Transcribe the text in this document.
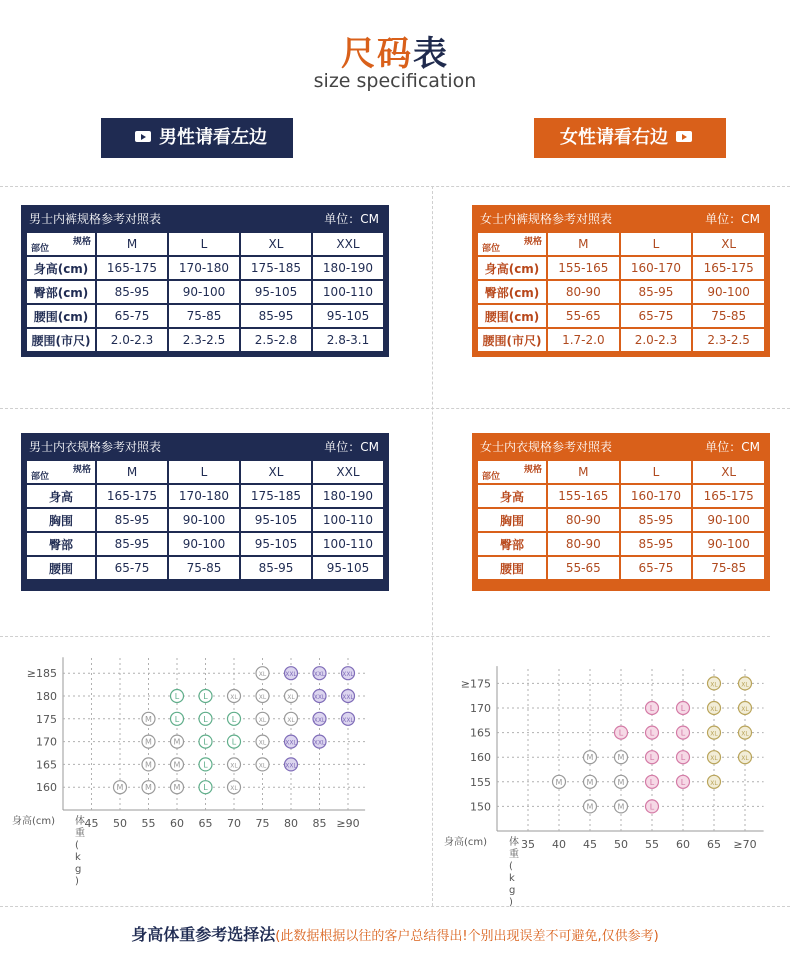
尺码表
size specification
男性请看左边	女性请看右边
男士内裤规格参考对照表	单位：CM
规格
部位	M	L	XL	XXL
身高(cm)	165-175	170-180	175-185	180-190
臀部(cm)	85-95	90-100	95-105	100-110
腰围(cm)	65-75	75-85	85-95	95-105
腰围(市尺)	2.0-2.3	2.3-2.5	2.5-2.8	2.8-3.1
女士内裤规格参考对照表	单位：CM
规格
部位	M	L	XL
身高(cm)	155-165	160-170	165-175
臀部(cm)	80-90	85-95	90-100
腰围(cm)	55-65	65-75	75-85
腰围(市尺)	1.7-2.0	2.0-2.3	2.3-2.5
男士内衣规格参考对照表	单位：CM
规格
部位	M	L	XL	XXL
身高	165-175	170-180	175-185	180-190
胸围	85-95	90-100	95-105	100-110
臀部	85-95	90-100	95-105	100-110
腰围	65-75	75-85	85-95	95-105
女士内衣规格参考对照表	单位：CM
规格
部位	M	L	XL
身高	155-165	160-170	165-175
胸围	80-90	85-95	90-100
臀部	80-90	85-95	90-100
腰围	55-65	65-75	75-85
45 50 55 60 65 70 75 80 85 ≥90
160
165
170
175
180
≥185
身高(cm) 体重( k g )
M	M	M	L	XL
M	M	L	XL	XL	XXL
M	M	L	L	XL	XXL	XXL
M	L	L	L	XL	XL	XXL	XXL
L	L	XL	XL	XL	XXL	XXL
XL	XXL	XXL	XXL
35 40 45 50 55 60 65 ≥70
150
155
160
165
170
≥175
身高(cm) 体重( k g )
M	M	L
M	M	M	L	L	XL
M	M	L	L	XL	XL
L	L	L	XL	XL
L	L	XL	XL
XL	XL
身高体重参考选择法(此数据根据以往的客户总结得出!个别出现误差不可避免,仅供参考)
